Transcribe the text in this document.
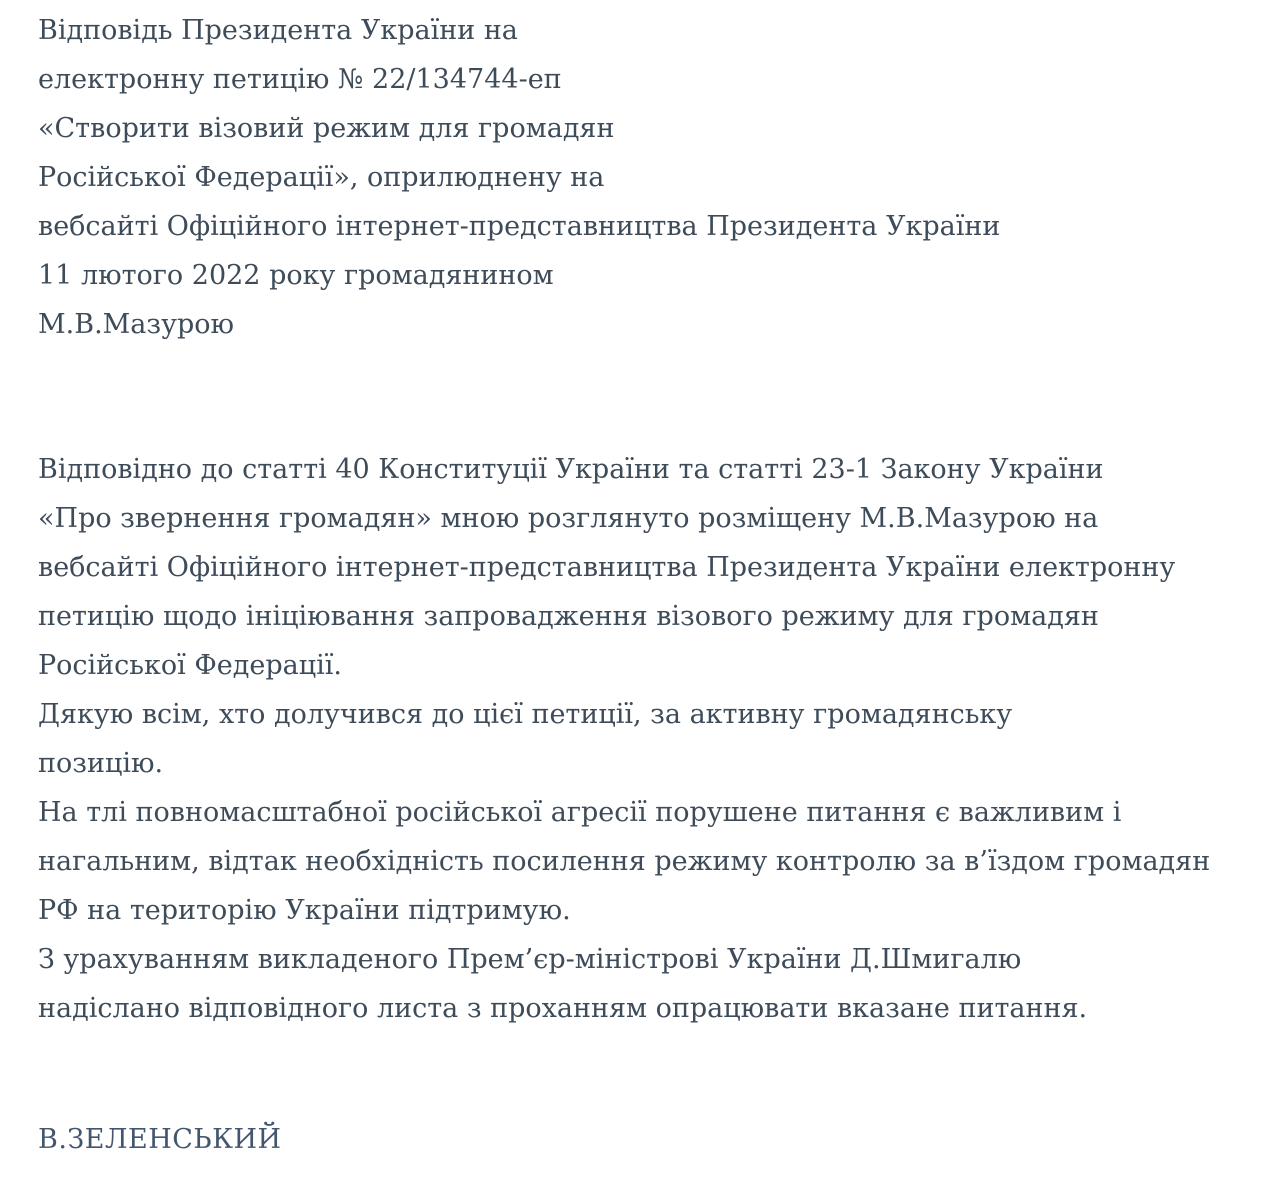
Відповідь Президента України на
електронну петицію № 22/134744-еп
«Створити візовий режим для громадян
Російської Федерації», оприлюднену на
вебсайті Офіційного інтернет-представництва Президента України
11 лютого 2022 року громадянином
М.В.Мазурою
Відповідно до статті 40 Конституції України та статті 23-1 Закону України
«Про звернення громадян» мною розглянуто розміщену М.В.Мазурою на
вебсайті Офіційного інтернет-представництва Президента України електронну
петицію щодо ініціювання запровадження візового режиму для громадян
Російської Федерації.
Дякую всім, хто долучився до цієї петиції, за активну громадянську
позицію.
На тлі повномасштабної російської агресії порушене питання є важливим і
нагальним, відтак необхідність посилення режиму контролю за в’їздом громадян
РФ на територію України підтримую.
З урахуванням викладеного Прем’єр-міністрові України Д.Шмигалю
надіслано відповідного листа з проханням опрацювати вказане питання.
В.ЗЕЛЕНСЬКИЙ
